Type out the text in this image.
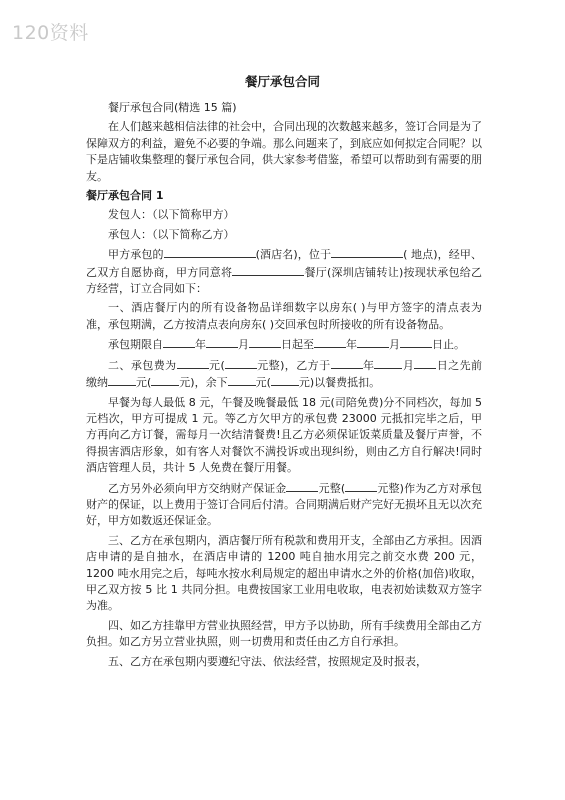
120资料
餐厅承包合同

餐厅承包合同(精选 15 篇)

在人们越来越相信法律的社会中，合同出现的次数越来越多，签订合同是为了保障双方的利益，避免不必要的争端。那么问题来了，到底应如何拟定合同呢？以下是店铺收集整理的餐厅承包合同，供大家参考借鉴，希望可以帮助到有需要的朋友。

餐厅承包合同 1

发包人：（以下简称甲方）

承包人：（以下简称乙方）

甲方承包的	(酒店名)，位于	( 地点)，经甲、乙双方自愿协商，甲方同意将	餐厅(深圳店铺转让)按现状承包给乙方经营，订立合同如下：

一、酒店餐厅内的所有设备物品详细数字以房东( )与甲方签字的清点表为准，承包期满，乙方按清点表向房东( )交回承包时所接收的所有设备物品。

承包期限自	年	月	日起至	年	月	日止。

二、承包费为	元(	元整)，乙方于	年	月 日之先前缴纳	元(	元)，余下	元(	元)以餐费抵扣。

早餐为每人最低 8 元，午餐及晚餐最低 18 元(司陪免费)分不同档次，每加 5 元档次，甲方可提成 1 元。等乙方欠甲方的承包费 23000 元抵扣完毕之后，甲方再向乙方订餐，需每月一次结清餐费!且乙方必须保证饭菜质量及餐厅声誉，不得损害酒店形象，如有客人对餐饮不满投诉或出现纠纷，则由乙方自行解决!同时酒店管理人员，共计 5 人免费在餐厅用餐。

乙方另外必须向甲方交纳财产保证金	元整(	元整)作为乙方对承包财产的保证，以上费用于签订合同后付清。合同期满后财产完好无损坏且无以次充好，甲方如数返还保证金。

三、乙方在承包期内，酒店餐厅所有税款和费用开支，全部由乙方承担。因酒店申请的是自抽水，在酒店申请的 1200 吨自抽水用完之前交水费 200 元，1200 吨水用完之后，每吨水按水利局规定的超出申请水之外的价格(加倍)收取，甲乙双方按 5 比 1 共同分担。电费按国家工业用电收取，电表初始读数双方签字为准。

四、如乙方挂靠甲方营业执照经营，甲方予以协助，所有手续费用全部由乙方负担。如乙方另立营业执照，则一切费用和责任由乙方自行承担。

五、乙方在承包期内要遵纪守法、依法经营，按照规定及时报表，
